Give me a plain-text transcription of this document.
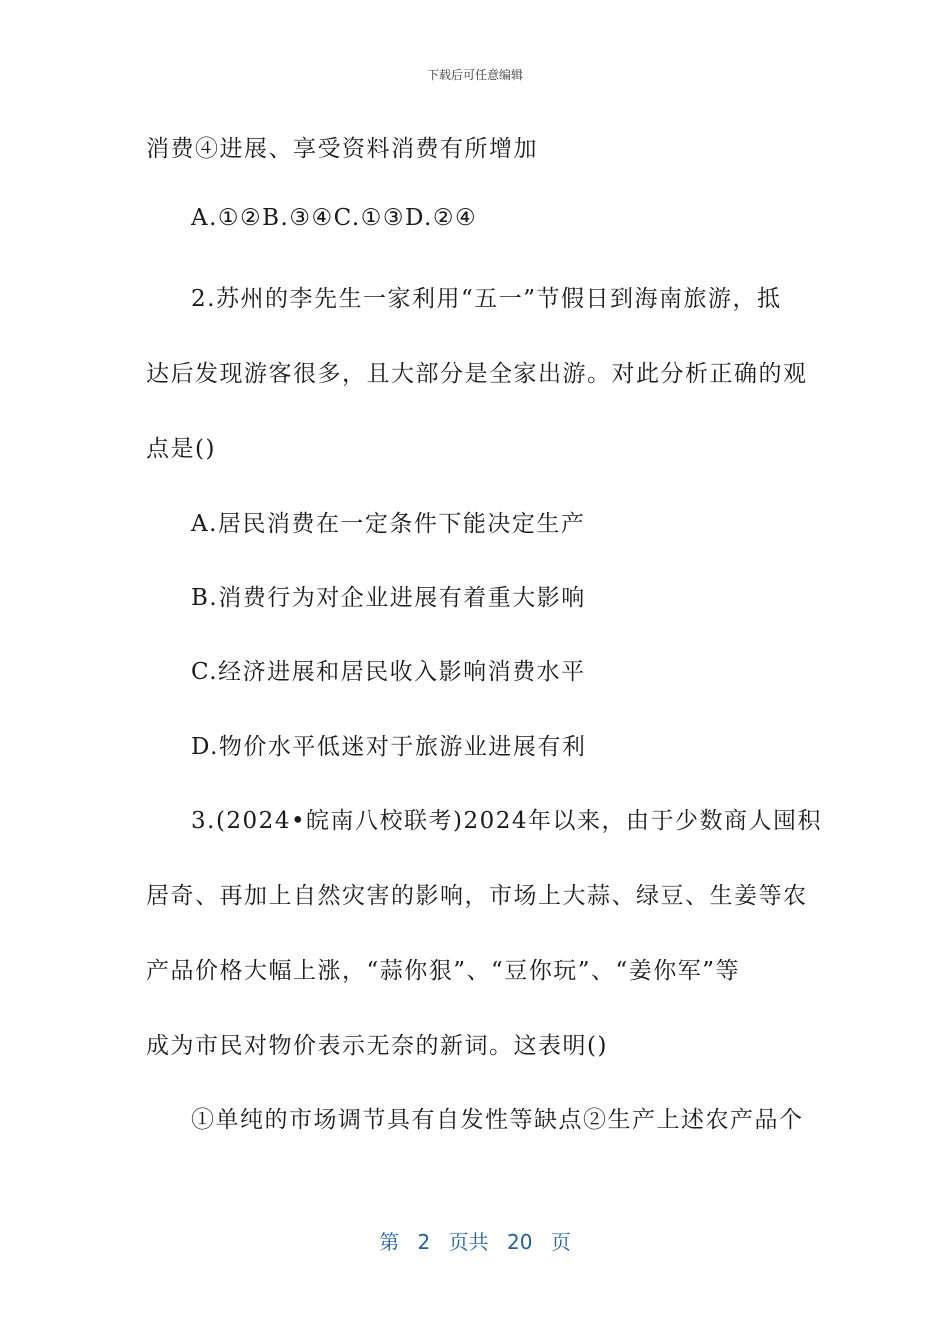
下载后可任意编辑
消费④进展、享受资料消费有所增加
A.①②B.③④C.①③D.②④
2.苏州的李先生一家利用“五一”节假日到海南旅游，抵
达后发现游客很多，且大部分是全家出游。对此分析正确的观
点是()
A.居民消费在一定条件下能决定生产
B.消费行为对企业进展有着重大影响
C.经济进展和居民收入影响消费水平
D.物价水平低迷对于旅游业进展有利
3.(2024•皖南八校联考)2024年以来，由于少数商人囤积
居奇、再加上自然灾害的影响，市场上大蒜、绿豆、生姜等农
产品价格大幅上涨，“蒜你狠”、“豆你玩”、“姜你军”等
成为市民对物价表示无奈的新词。这表明()
①单纯的市场调节具有自发性等缺点②生产上述农产品个
第 2 页共 20 页
